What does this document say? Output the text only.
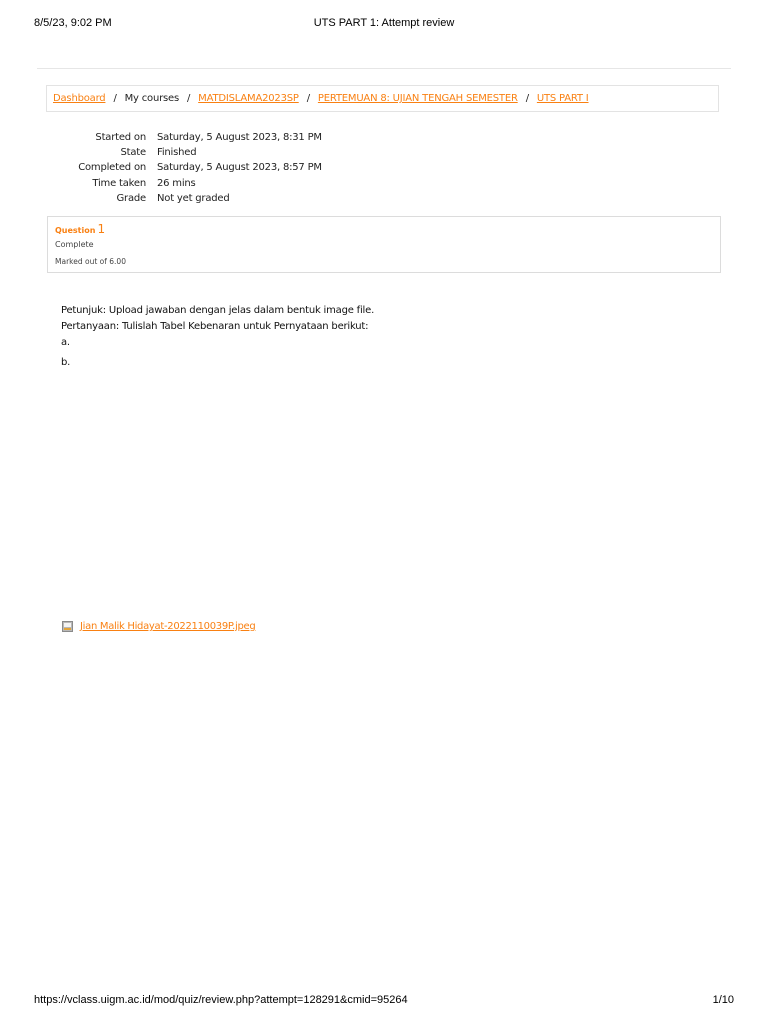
8/5/23, 9:02 PM	UTS PART 1: Attempt review
Dashboard / My courses / MATDISLAMA2023SP / PERTEMUAN 8: UJIAN TENGAH SEMESTER / UTS PART I
Started on	Saturday, 5 August 2023, 8:31 PM
State	Finished
Completed on	Saturday, 5 August 2023, 8:57 PM
Time taken	26 mins
Grade	Not yet graded
Question 1
Complete
Marked out of 6.00
Petunjuk: Upload jawaban dengan jelas dalam bentuk image file.
Pertanyaan: Tulislah Tabel Kebenaran untuk Pernyataan berikut:
a.
b.
Jian Malik Hidayat-2022110039P.jpeg
https://vclass.uigm.ac.id/mod/quiz/review.php?attempt=128291&cmid=95264	1/10
